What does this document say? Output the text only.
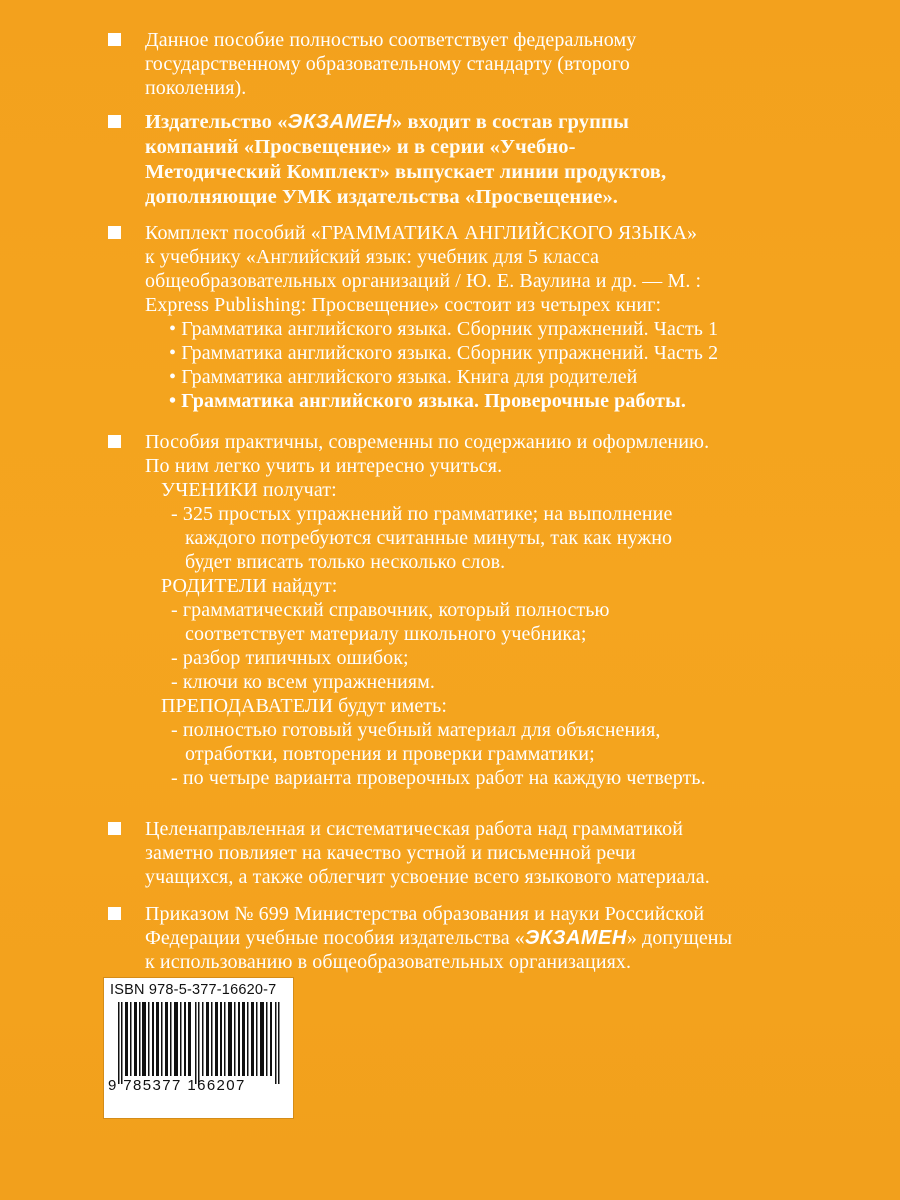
Данное пособие полностью соответствует федеральному
государственному образовательному стандарту (второго
поколения).
Издательство «ЭКЗАМЕН» входит в состав группы
компаний «Просвещение» и в серии «Учебно-
Методический Комплект» выпускает линии продуктов,
дополняющие УМК издательства «Просвещение».
Комплект пособий «ГРАММАТИКА АНГЛИЙСКОГО ЯЗЫКА»
к учебнику «Английский язык: учебник для 5 класса
общеобразовательных организаций / Ю. Е. Ваулина и др. — М. :
Express Publishing: Просвещение» состоит из четырех книг:
• Грамматика английского языка. Сборник упражнений. Часть 1
• Грамматика английского языка. Сборник упражнений. Часть 2
• Грамматика английского языка. Книга для родителей
• Грамматика английского языка. Проверочные работы.
Пособия практичны, современны по содержанию и оформлению.
По ним легко учить и интересно учиться.
УЧЕНИКИ получат:
- 325 простых упражнений по грамматике; на выполнение
каждого потребуются считанные минуты, так как нужно
будет вписать только несколько слов.
РОДИТЕЛИ найдут:
- грамматический справочник, который полностью
соответствует материалу школьного учебника;
- разбор типичных ошибок;
- ключи ко всем упражнениям.
ПРЕПОДАВАТЕЛИ будут иметь:
- полностью готовый учебный материал для объяснения,
отработки, повторения и проверки грамматики;
- по четыре варианта проверочных работ на каждую четверть.
Целенаправленная и систематическая работа над грамматикой
заметно повлияет на качество устной и письменной речи
учащихся, а также облегчит усвоение всего языкового материала.
Приказом № 699 Министерства образования и науки Российской
Федерации учебные пособия издательства «ЭКЗАМЕН» допущены
к использованию в общеобразовательных организациях.
ISBN 978-5-377-16620-7
9 785377 166207
